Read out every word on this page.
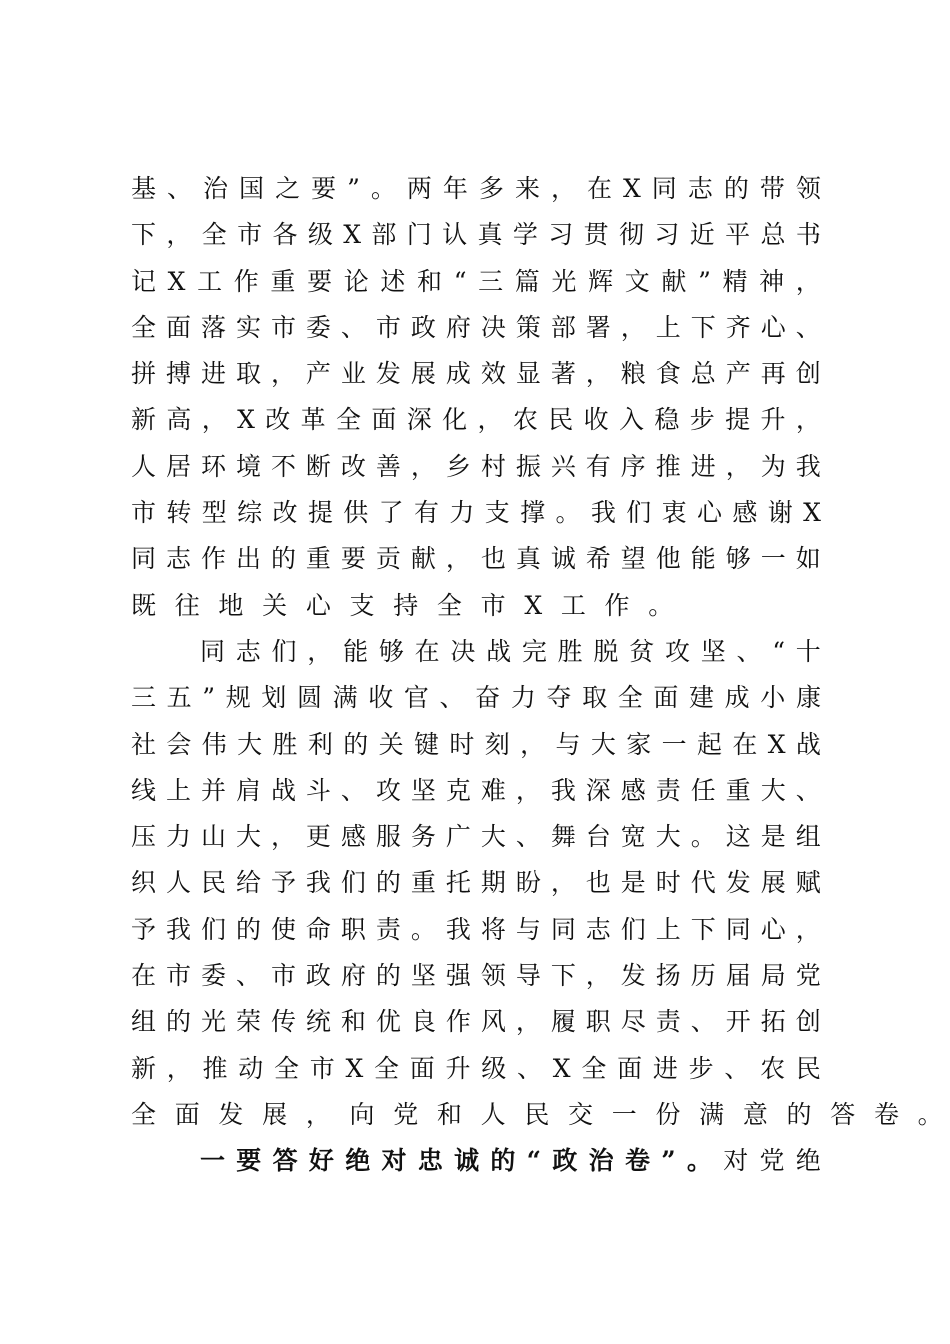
基 、 治 国 之 要 ” 。 两 年 多 来 ， 在 X 同 志 的 带 领
下 ， 全 市 各 级 X 部 门 认 真 学 习 贯 彻 习 近 平 总 书
记 X 工 作 重 要 论 述 和 “ 三 篇 光 辉 文 献 ” 精 神 ，
全 面 落 实 市 委 、 市 政 府 决 策 部 署 ， 上 下 齐 心 、
拼 搏 进 取 ， 产 业 发 展 成 效 显 著 ， 粮 食 总 产 再 创
新 高 ， X 改 革 全 面 深 化 ， 农 民 收 入 稳 步 提 升 ，
人 居 环 境 不 断 改 善 ， 乡 村 振 兴 有 序 推 进 ， 为 我
市 转 型 综 改 提 供 了 有 力 支 撑 。 我 们 衷 心 感 谢 X
同 志 作 出 的 重 要 贡 献 ， 也 真 诚 希 望 他 能 够 一 如
既 往 地 关 心 支 持 全 市 X 工 作 。
同 志 们 ， 能 够 在 决 战 完 胜 脱 贫 攻 坚 、 “ 十
三 五 ” 规 划 圆 满 收 官 、 奋 力 夺 取 全 面 建 成 小 康
社 会 伟 大 胜 利 的 关 键 时 刻 ， 与 大 家 一 起 在 X 战
线 上 并 肩 战 斗 、 攻 坚 克 难 ， 我 深 感 责 任 重 大 、
压 力 山 大 ， 更 感 服 务 广 大 、 舞 台 宽 大 。 这 是 组
织 人 民 给 予 我 们 的 重 托 期 盼 ， 也 是 时 代 发 展 赋
予 我 们 的 使 命 职 责 。 我 将 与 同 志 们 上 下 同 心 ，
在 市 委 、 市 政 府 的 坚 强 领 导 下 ， 发 扬 历 届 局 党
组 的 光 荣 传 统 和 优 良 作 风 ， 履 职 尽 责 、 开 拓 创
新 ， 推 动 全 市 X 全 面 升 级 、 X 全 面 进 步 、 农 民
全 面 发 展 ， 向 党 和 人 民 交 一 份 满 意 的 答 卷 。
一 要 答 好 绝 对 忠 诚 的 “ 政 治 卷 ” 。 对 党 绝
